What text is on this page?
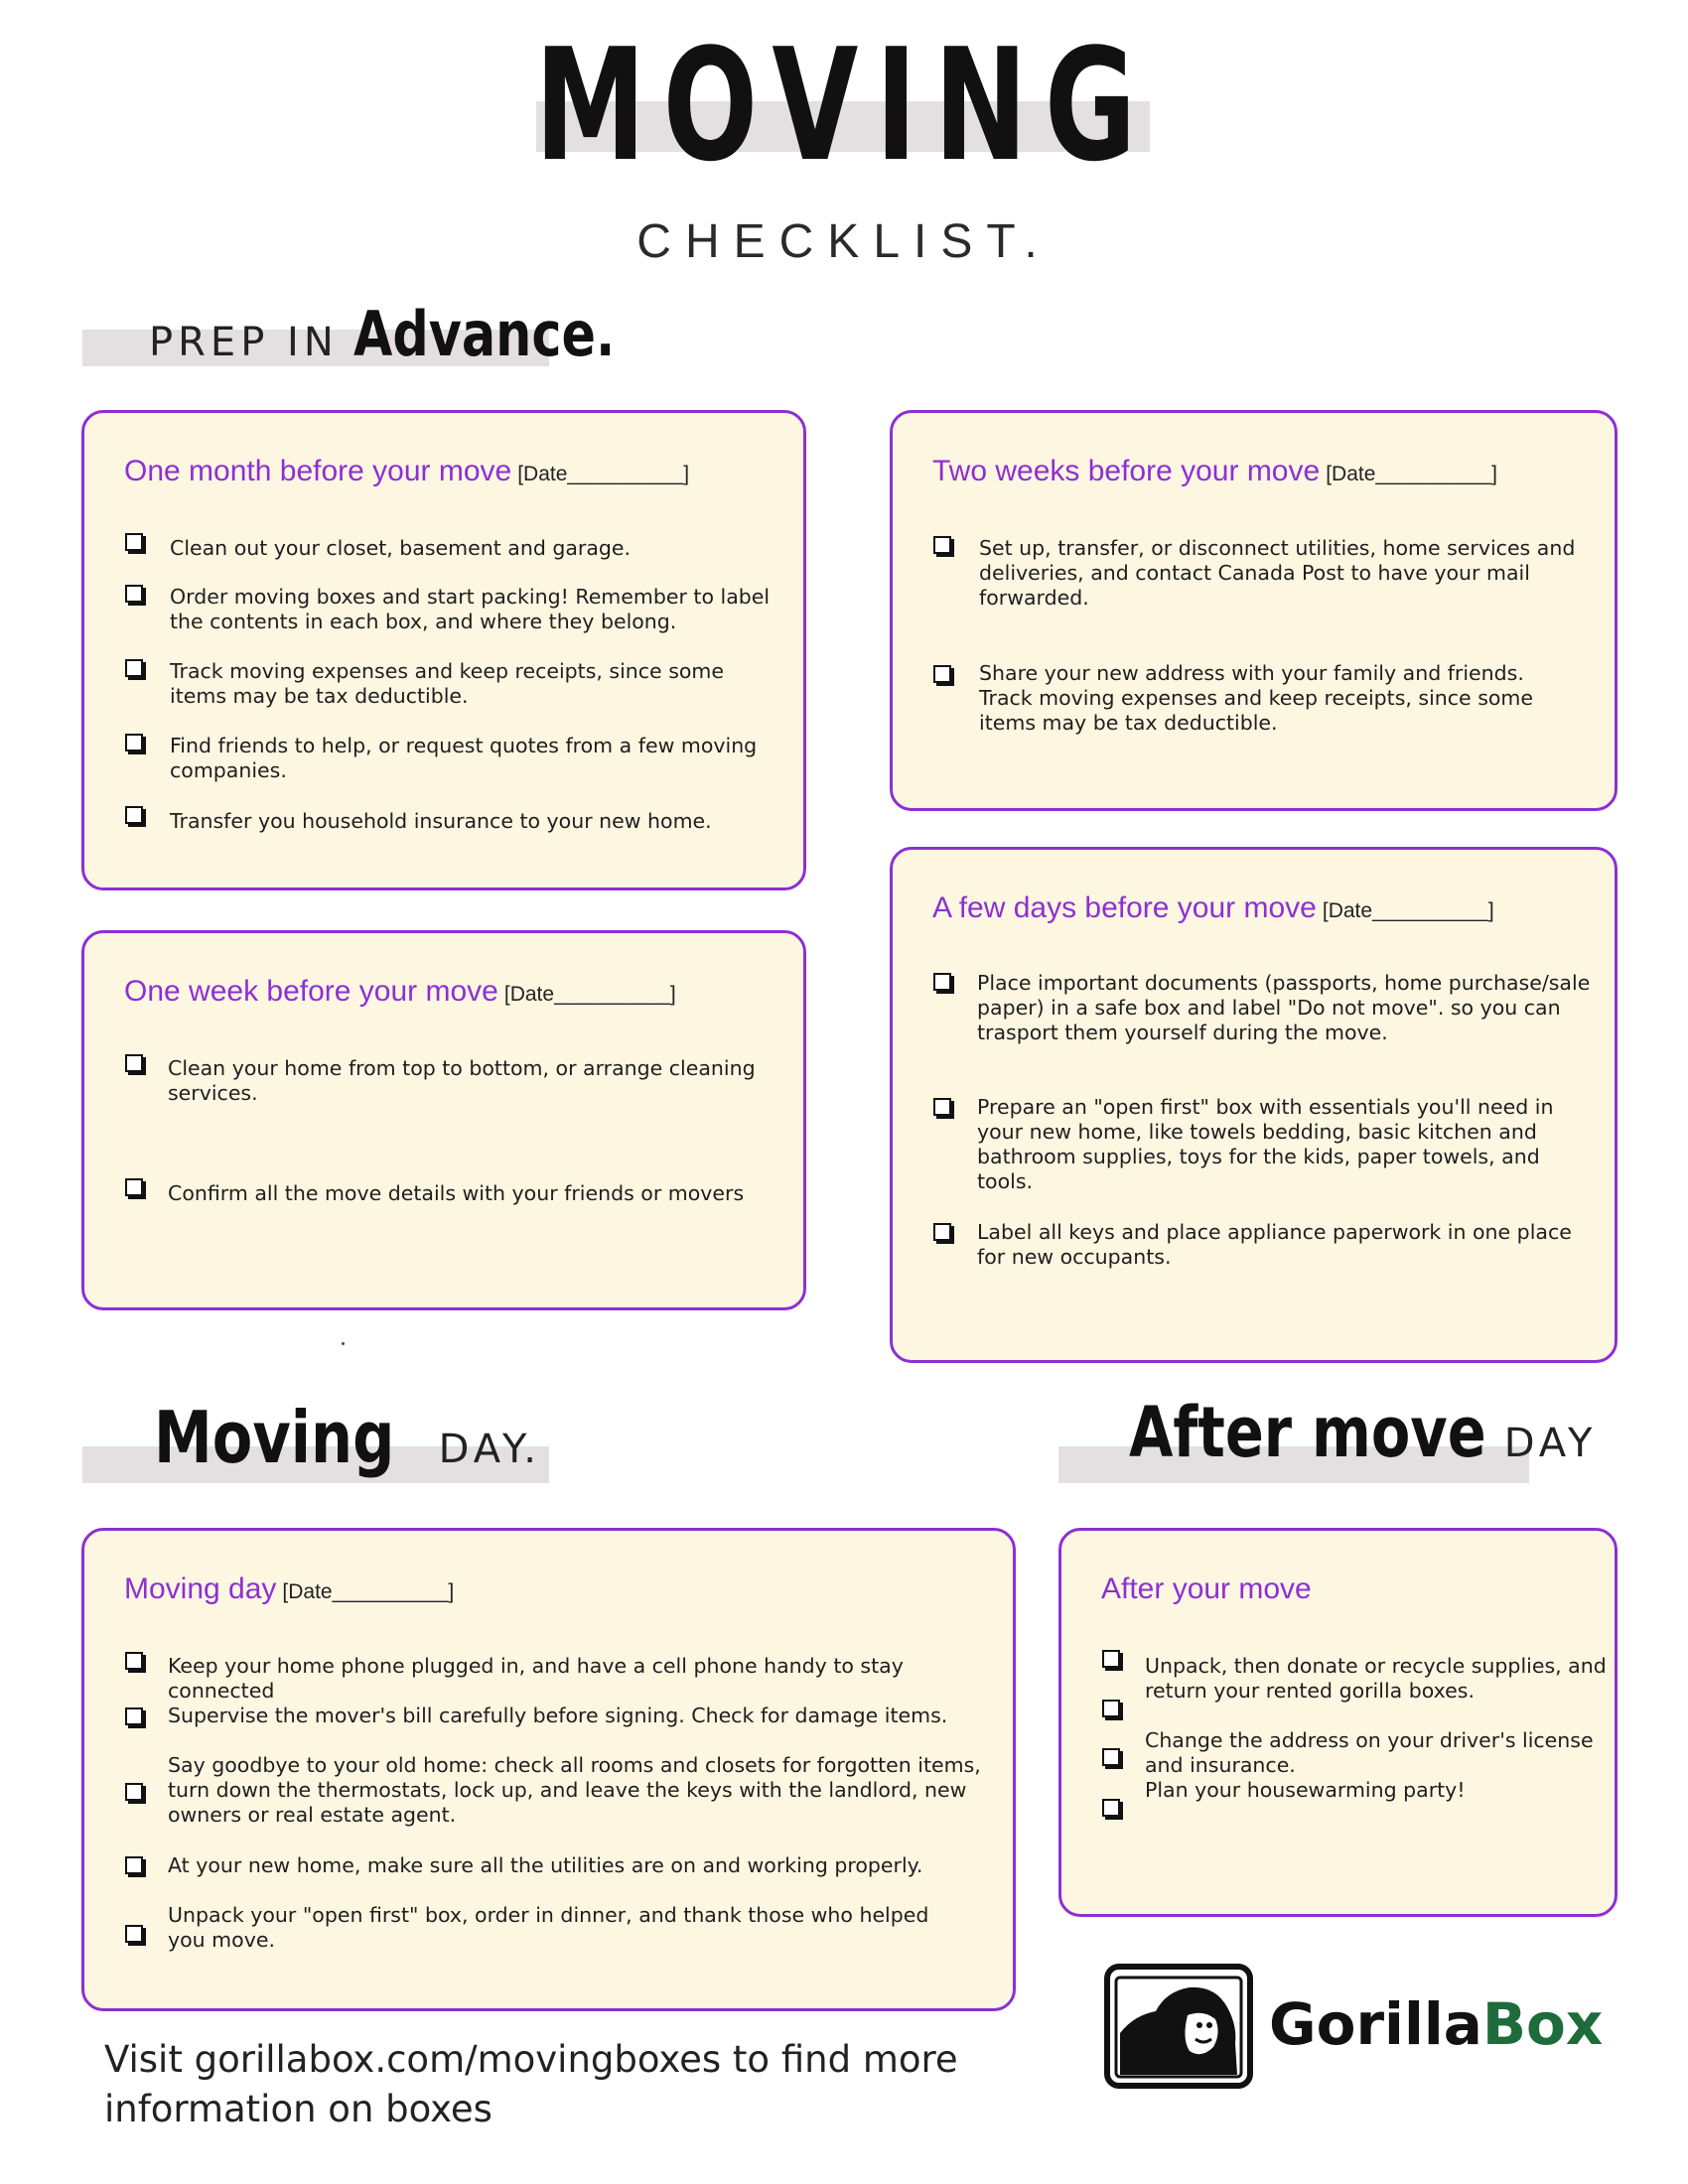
MOVING
CHECKLIST.
PREP IN Advance.
One month before your move [Date__________]
Clean out your closet, basement and garage.
Order moving boxes and start packing! Remember to label the contents in each box, and where they belong.
Track moving expenses and keep receipts, since some items may be tax deductible.
Find friends to help, or request quotes from a few moving companies.
Transfer you household insurance to your new home.
Two weeks before your move [Date__________]
Set up, transfer, or disconnect utilities, home services and deliveries, and contact Canada Post to have your mail forwarded.
Share your new address with your family and friends.
Track moving expenses and keep receipts, since some items may be tax deductible.
One week before your move [Date__________]
Clean your home from top to bottom, or arrange cleaning services.
Confirm all the move details with your friends or movers
A few days before your move [Date__________]
Place important documents (passports, home purchase/sale paper) in a safe box and label "Do not move". so you can trasport them yourself during the move.
Prepare an "open first" box with essentials you'll need in your new home, like towels bedding, basic kitchen and bathroom supplies, toys for the kids, paper towels, and tools.
Label all keys and place appliance paperwork in one place for new occupants.
Moving DAY.	After move DAY
Moving day [Date__________]
Keep your home phone plugged in, and have a cell phone handy to stay connected
Supervise the mover's bill carefully before signing. Check for damage items.
Say goodbye to your old home: check all rooms and closets for forgotten items, turn down the thermostats, lock up, and leave the keys with the landlord, new owners or real estate agent.
At your new home, make sure all the utilities are on and working properly.
Unpack your "open first" box, order in dinner, and thank those who helped you move.
After your move
Unpack, then donate or recycle supplies, and return your rented gorilla boxes.
Change the address on your driver's license and insurance.
Plan your housewarming party!
Visit gorillabox.com/movingboxes to find more information on boxes
GorillaBox
